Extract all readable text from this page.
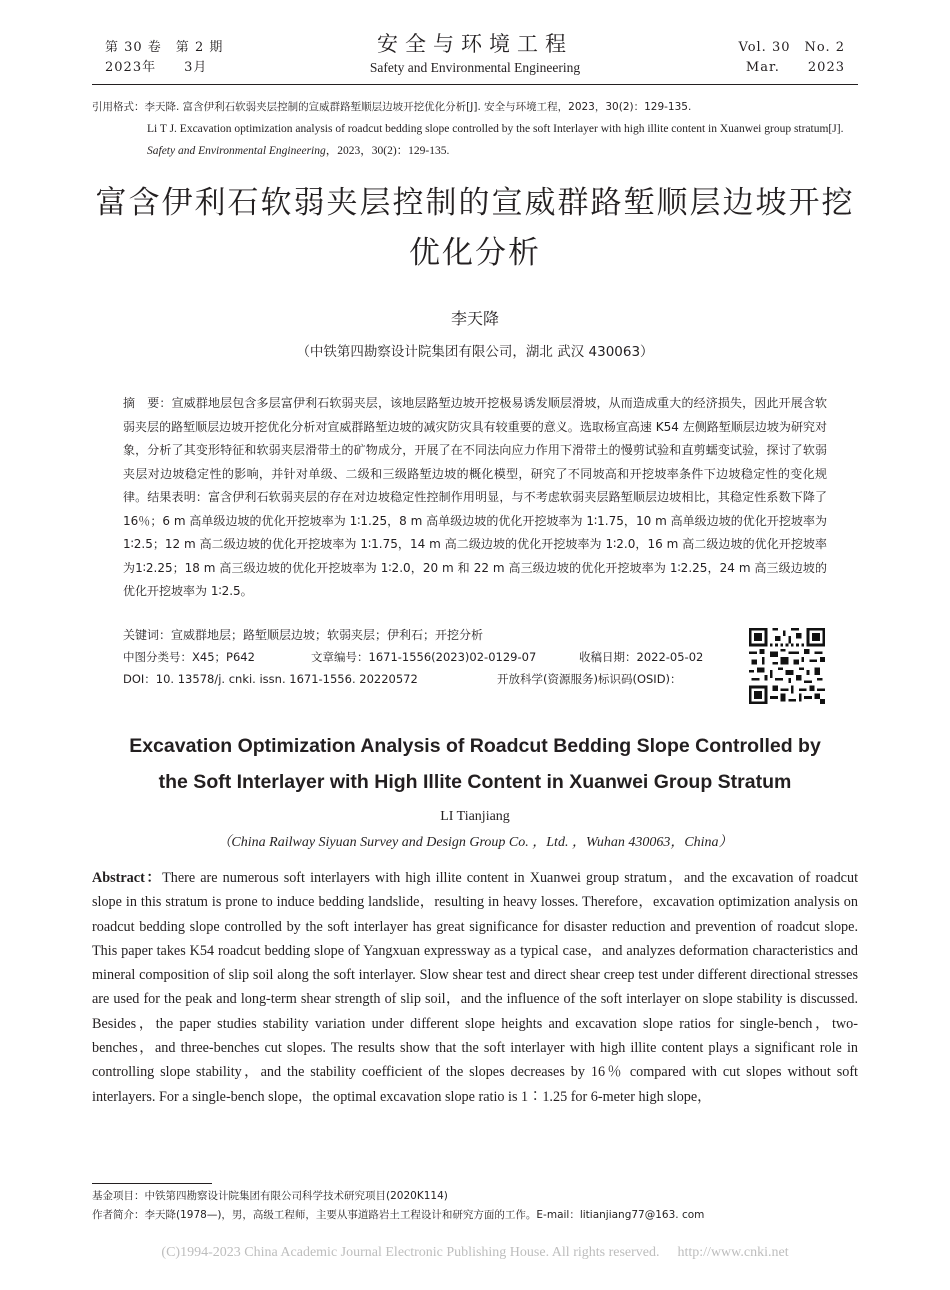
第 30 卷　第 2 期
2023年　　3月
安全与环境工程
Safety and Environmental Engineering
Vol. 30　No. 2
Mar.　　2023
引用格式：李天降. 富含伊利石软弱夹层控制的宣威群路堑顺层边坡开挖优化分析[J]. 安全与环境工程，2023，30(2)：129-135.
Li T J. Excavation optimization analysis of roadcut bedding slope controlled by the soft Interlayer with high illite content in Xuanwei group stratum[J]. Safety and Environmental Engineering，2023，30(2)：129-135.
富含伊利石软弱夹层控制的宣威群路堑顺层边坡开挖
优化分析
李天降
（中铁第四勘察设计院集团有限公司，湖北 武汉 430063）
摘　要：宣威群地层包含多层富伊利石软弱夹层，该地层路堑边坡开挖极易诱发顺层滑坡，从而造成重大的经济损失，因此开展含软弱夹层的路堑顺层边坡开挖优化分析对宣威群路堑边坡的减灾防灾具有较重要的意义。选取杨宣高速 K54 左侧路堑顺层边坡为研究对象，分析了其变形特征和软弱夹层滑带土的矿物成分，开展了在不同法向应力作用下滑带土的慢剪试验和直剪蠕变试验，探讨了软弱夹层对边坡稳定性的影响，并针对单级、二级和三级路堑边坡的概化模型，研究了不同坡高和开挖坡率条件下边坡稳定性的变化规律。结果表明：富含伊利石软弱夹层的存在对边坡稳定性控制作用明显，与不考虑软弱夹层路堑顺层边坡相比，其稳定性系数下降了 16％；6 m 高单级边坡的优化开挖坡率为 1∶1.25，8 m 高单级边坡的优化开挖坡率为 1∶1.75，10 m 高单级边坡的优化开挖坡率为 1∶2.5；12 m 高二级边坡的优化开挖坡率为 1∶1.75，14 m 高二级边坡的优化开挖坡率为 1∶2.0，16 m 高二级边坡的优化开挖坡率为1∶2.25；18 m 高三级边坡的优化开挖坡率为 1∶2.0，20 m 和 22 m 高三级边坡的优化开挖坡率为 1∶2.25，24 m 高三级边坡的优化开挖坡率为 1∶2.5。
关键词：宣威群地层；路堑顺层边坡；软弱夹层；伊利石；开挖分析
中图分类号：X45；P642	文章编号：1671-1556(2023)02-0129-07	收稿日期：2022-05-02
DOI：10. 13578/j. cnki. issn. 1671-1556. 20220572	开放科学(资源服务)标识码(OSID)：
Excavation Optimization Analysis of Roadcut Bedding Slope Controlled by
the Soft Interlayer with High Illite Content in Xuanwei Group Stratum
LI Tianjiang
（China Railway Siyuan Survey and Design Group Co. ，Ltd. ，Wuhan 430063，China）
Abstract：There are numerous soft interlayers with high illite content in Xuanwei group stratum，and the excavation of roadcut slope in this stratum is prone to induce bedding landslide，resulting in heavy losses. Therefore，excavation optimization analysis on roadcut bedding slope controlled by the soft interlayer has great significance for disaster reduction and prevention of roadcut slope. This paper takes K54 roadcut bedding slope of Yangxuan expressway as a typical case，and analyzes deformation characteristics and mineral composition of slip soil along the soft interlayer. Slow shear test and direct shear creep test under different directional stresses are used for the peak and long-term shear strength of slip soil，and the influence of the soft interlayer on slope stability is discussed. Besides，the paper studies stability variation under different slope heights and excavation slope ratios for single-bench，two-benches，and three-benches cut slopes. The results show that the soft interlayer with high illite content plays a significant role in controlling slope stability，and the stability coefficient of the slopes decreases by 16％ compared with cut slopes without soft interlayers. For a single-bench slope，the optimal excavation slope ratio is 1∶1.25 for 6-meter high slope，
基金项目：中铁第四勘察设计院集团有限公司科学技术研究项目(2020K114)
作者简介：李天降(1978—)，男，高级工程师，主要从事道路岩土工程设计和研究方面的工作。E-mail：litianjiang77@163. com
(C)1994-2023 China Academic Journal Electronic Publishing House. All rights reserved. http://www.cnki.net
